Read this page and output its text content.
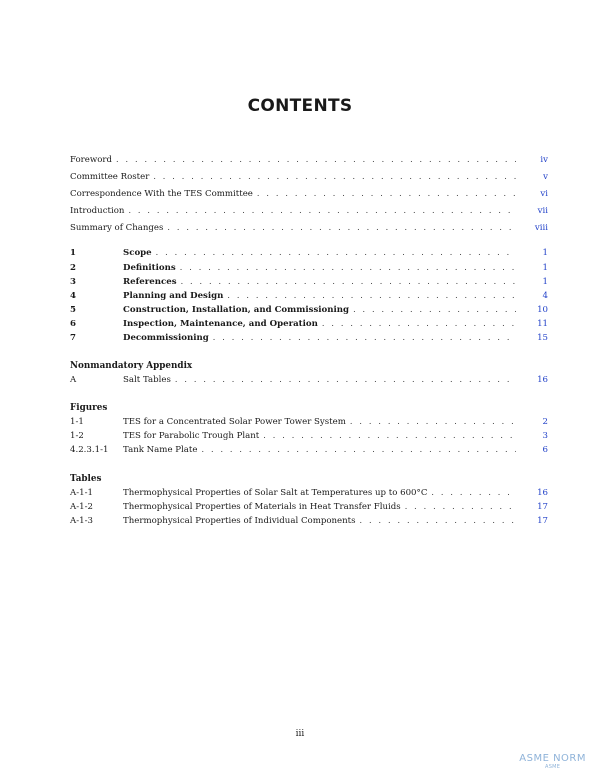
CONTENTS
Foreword . . .	iv
Committee Roster . . .	v
Correspondence With the TES Committee . . .	vi
Introduction . . .	vii
Summary of Changes . . .	viii
1	Scope . . .	1
2	Definitions . . .	1
3	References . . .	1
4	Planning and Design . . .	4
5	Construction, Installation, and Commissioning . . .	10
6	Inspection, Maintenance, and Operation . . .	11
7	Decommissioning . . .	15
Nonmandatory Appendix
A	Salt Tables . . .	16
Figures
1-1	TES for a Concentrated Solar Power Tower System . . .	2
1-2	TES for Parabolic Trough Plant . . .	3
4.2.3.1-1	Tank Name Plate . . .	6
Tables
A-1-1	Thermophysical Properties of Solar Salt at Temperatures up to 600°C . . .	16
A-1-2	Thermophysical Properties of Materials in Heat Transfer Fluids . . .	17
A-1-3	Thermophysical Properties of Individual Components . . .	17
iii
ASME NORM
ASME
